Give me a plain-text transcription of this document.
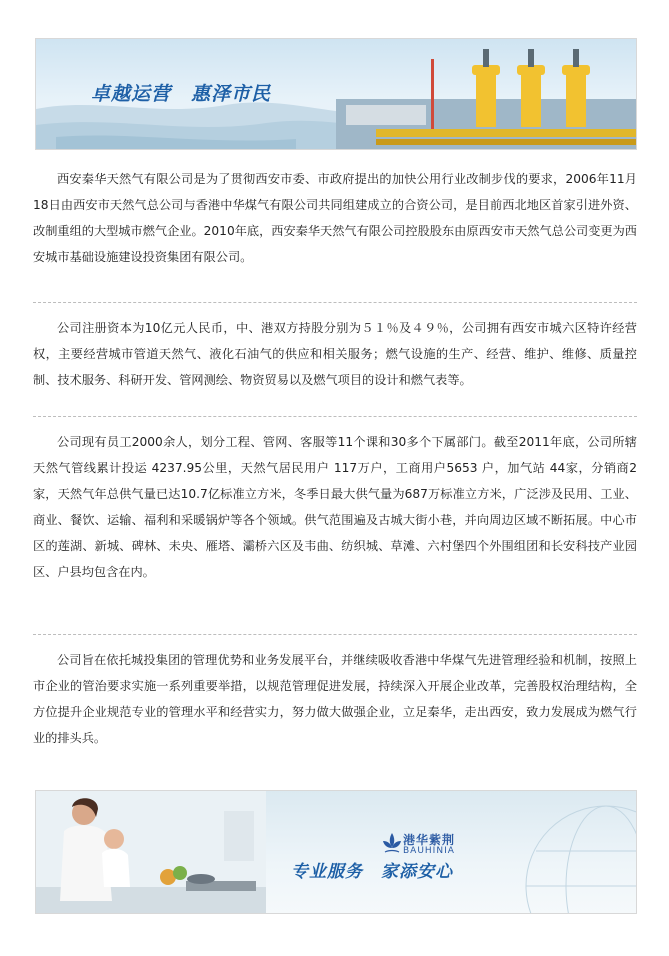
卓越运营　惠泽市民

西安秦华天然气有限公司是为了贯彻西安市委、市政府提出的加快公用行业改制步伐的要求，2006年11月18日由西安市天然气总公司与香港中华煤气有限公司共同组建成立的合资公司，是目前西北地区首家引进外资、改制重组的大型城市燃气企业。2010年底，西安秦华天然气有限公司控股股东由原西安市天然气总公司变更为西安城市基础设施建设投资集团有限公司。

公司注册资本为10亿元人民币，中、港双方持股分别为５１％及４９％，公司拥有西安市城六区特许经营权，主要经营城市管道天然气、液化石油气的供应和相关服务；燃气设施的生产、经营、维护、维修、质量控制、技术服务、科研开发、管网测绘、物资贸易以及燃气项目的设计和燃气表等。

公司现有员工2000余人，划分工程、管网、客服等11个课和30多个下属部门。截至2011年底，公司所辖天然气管线累计投运 4237.95公里，天然气居民用户 117万户，工商用户5653 户，加气站 44家，分销商2家，天然气年总供气量已达10.7亿标准立方米，冬季日最大供气量为687万标准立方米，广泛涉及民用、工业、商业、餐饮、运输、福利和采暖锅炉等各个领域。供气范围遍及古城大街小巷，并向周边区域不断拓展。中心市区的莲湖、新城、碑林、未央、雁塔、灞桥六区及韦曲、纺织城、草滩、六村堡四个外围组团和长安科技产业园区、户县均包含在内。

公司旨在依托城投集团的管理优势和业务发展平台，并继续吸收香港中华煤气先进管理经验和机制，按照上市企业的管治要求实施一系列重要举措，以规范管理促进发展，持续深入开展企业改革，完善股权治理结构，全方位提升企业规范专业的管理水平和经营实力，努力做大做强企业，立足秦华，走出西安，致力发展成为燃气行业的排头兵。

港华紫荆
BAUHINIA
专业服务　家添安心
